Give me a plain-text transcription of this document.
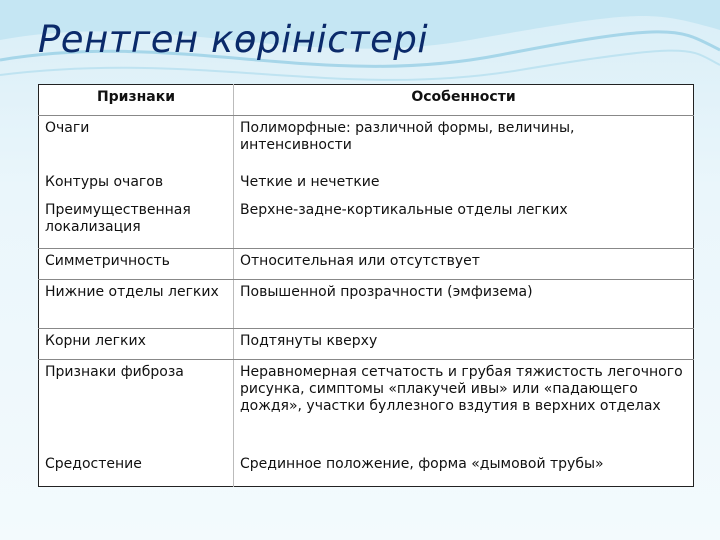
Рентген көріністері
Признаки	Особенности
Очаги	Полиморфные: различной формы, величины, интенсивности
Контуры очагов	Четкие и нечеткие
Преимущественная локализация	Верхне-задне-кортикальные отделы легких
Симметричность	Относительная или отсутствует
Нижние отделы легких	Повышенной прозрачности (эмфизема)
Корни легких	Подтянуты кверху
Признаки фиброза	Неравномерная сетчатость и грубая тяжистость легочного рисунка, симптомы «плакучей ивы» или «падающего дождя», участки буллезного вздутия в верхних отделах
Средостение	Срединное положение, форма «дымовой трубы»
